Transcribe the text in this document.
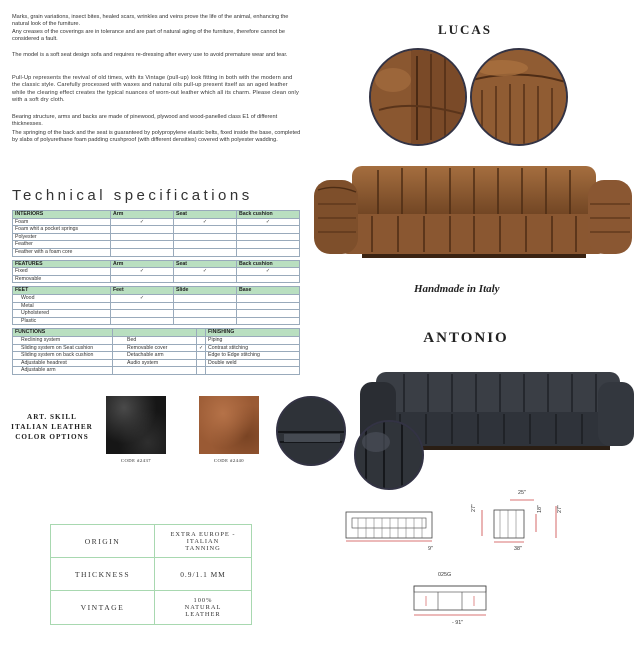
Marks, grain variations, insect bites, healed scars, wrinkles and veins prove the life of the animal, enhancing the natural look of the furniture.
Any creases of the coverings are in tolerance and are part of natural aging of the furniture, therefore cannot be considered a fault.
The model is a soft seat design sofa and requires re-dressing after every use to avoid premature wear and tear.
Pull-Up represents the revival of old times, with its Vintage (pull-up) look fitting in both with the modern and the classic style. Carefully processed with waxes and natural oils pull-up present itself as an aged leather while the clearing effect creates the typical nuances of worn-out leather which all its charm. Please clean only with a soft dry cloth.
Bearing structure, arms and backs are made of pinewood, plywood and wood-panelled class E1 of different thicknesses.
The springing of the back and the seat is guaranteed by polypropylene elastic belts, fixed inside the base, completed by slabs of polyurethane foam padding crushproof (with different densities) covered with polyester wadding.
Technical specifications
INTERIORS	Arm	Seat	Back cushion
Foam	✓	✓	✓
Foam whit a pocket springs			
Polyester			
Feather			
Feather with a foam core			
FEATURES	Arm	Seat	Back cushion
Fixed	✓	✓	✓
Removable			
FEET	Feet	Slide	Base
Wood	✓		
Metal			
Upholstered			
Plastic			
FUNCTIONS			FINISHING
Reclining system	Bed		Piping
Sliding system on Seat cushion	Removable cover	✓	Contrast stitching
Sliding system on back cushion	Detachable arm		Edge to Edge stitching
Adjustable headrest	Audio system		Double weld
Adjustable arm			
ART. SKILL
ITALIAN LEATHER
COLOR OPTIONS
CODE #2437	CODE #2440
ORIGIN	EXTRA EUROPE -
ITALIAN
TANNING

THICKNESS	0.9/1.1 MM

VINTAGE	100%
NATURAL
LEATHER
LUCAS
Handmade in Italy
ANTONIO
9"
25"
27"	18"	27"
38"
025G
- 91"
